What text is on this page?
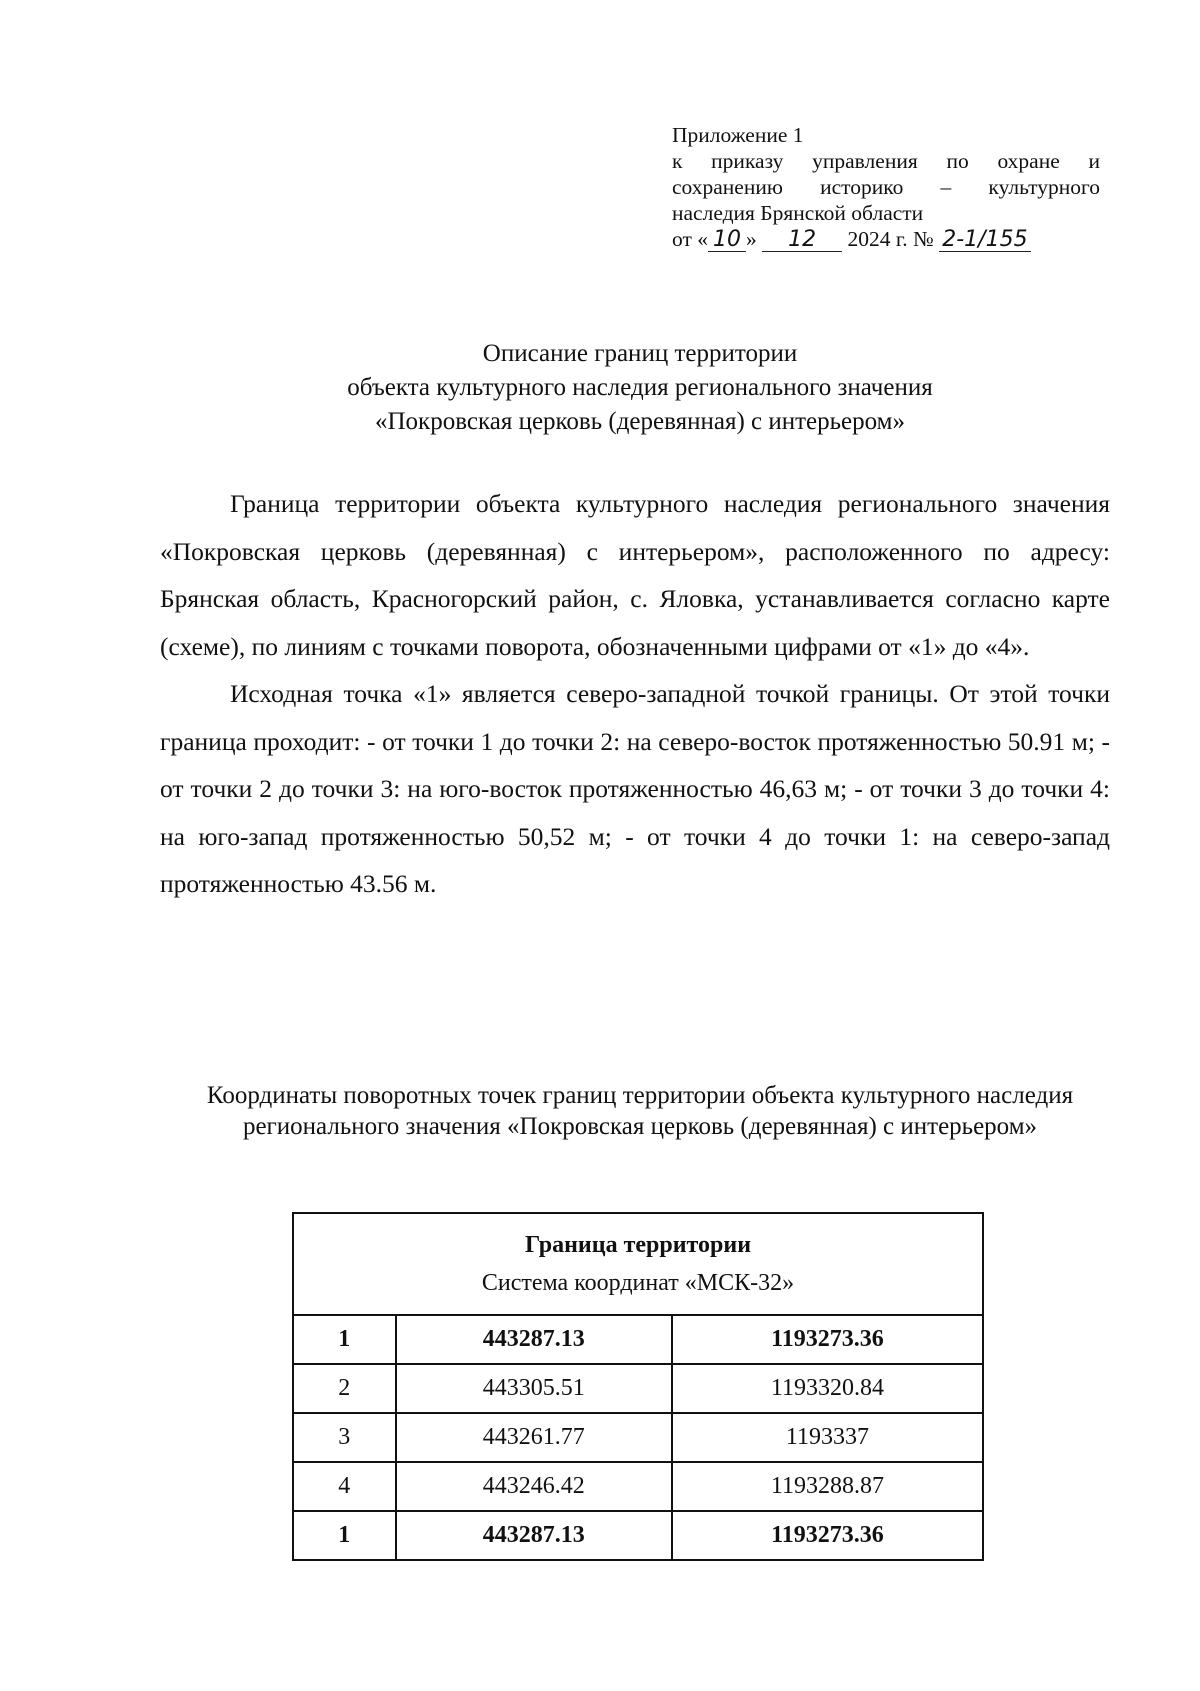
Приложение 1
к приказу управления по охране и
сохранению историко – культурного
наследия Брянской области
от « 10 » 12 2024 г. № 2-1/155
Описание границ территории
объекта культурного наследия регионального значения
«Покровская церковь (деревянная) с интерьером»

Граница территории объекта культурного наследия регионального значения «Покровская церковь (деревянная) с интерьером», расположенного по адресу: Брянская область, Красногорский район, с. Яловка, устанавливается согласно карте (схеме), по линиям с точками поворота, обозначенными цифрами от «1» до «4».

Исходная точка «1» является северо-западной точкой границы. От этой точки граница проходит: - от точки 1 до точки 2: на северо-восток протяженностью 50.91 м; - от точки 2 до точки 3: на юго-восток протяженностью 46,63 м; - от точки 3 до точки 4: на юго-запад протяженностью 50,52 м; - от точки 4 до точки 1: на северо-запад протяженностью 43.56 м.

Координаты поворотных точек границ территории объекта культурного наследия регионального значения «Покровская церковь (деревянная) с интерьером»
Граница территории
Система координат «МСК-32»		

1	443287.13	1193273.36
2	443305.51	1193320.84
3	443261.77	1193337
4	443246.42	1193288.87
1	443287.13	1193273.36
